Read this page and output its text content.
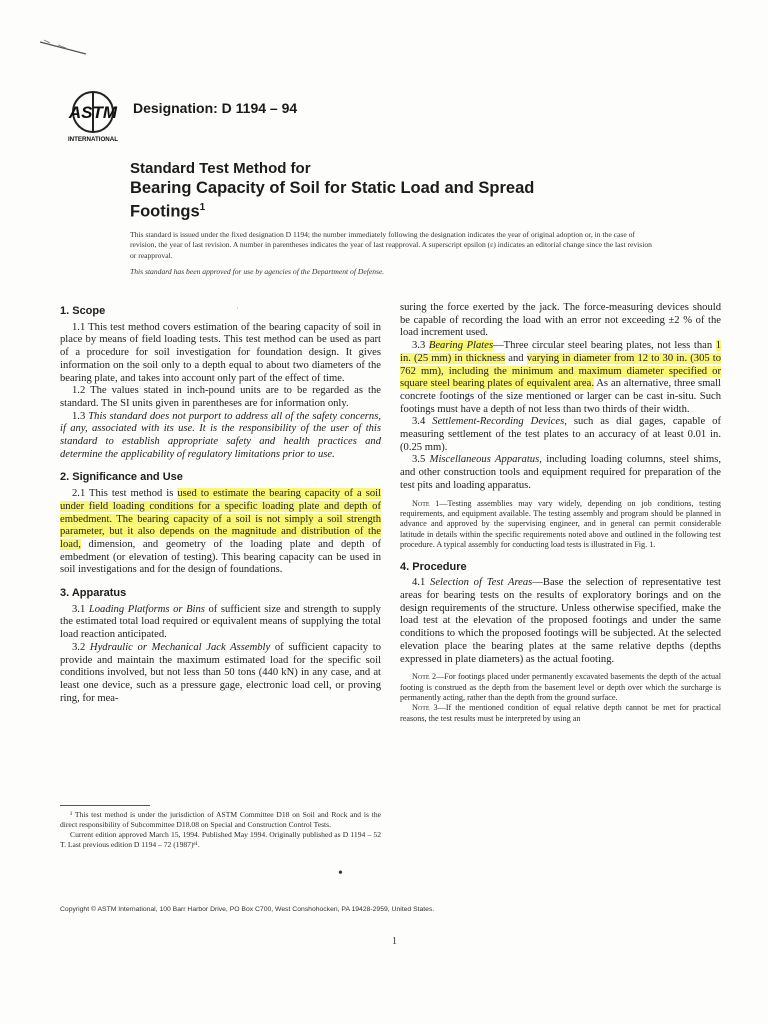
ASTM
INTERNATIONAL
Designation: D 1194 – 94
Standard Test Method for
Bearing Capacity of Soil for Static Load and Spread
Footings$^1$
This standard is issued under the fixed designation D 1194; the number immediately following the designation indicates the year of original adoption or, in the case of revision, the year of last revision. A number in parentheses indicates the year of last reapproval. A superscript epsilon (ε) indicates an editorial change since the last revision or reapproval.
This standard has been approved for use by agencies of the Department of Defense.
˙

1. Scope

1.1 This test method covers estimation of the bearing capacity of soil in place by means of field loading tests. This test method can be used as part of a procedure for soil investigation for foundation design. It gives information on the soil only to a depth equal to about two diameters of the bearing plate, and takes into account only part of the effect of time.

1.2 The values stated in inch-pound units are to be regarded as the standard. The SI units given in parentheses are for information only.

1.3 This standard does not purport to address all of the safety concerns, if any, associated with its use. It is the responsibility of the user of this standard to establish appropriate safety and health practices and determine the applicability of regulatory limitations prior to use.

2. Significance and Use

2.1 This test method is used to estimate the bearing capacity of a soil under field loading conditions for a specific loading plate and depth of embedment. The bearing capacity of a soil is not simply a soil strength parameter, but it also depends on the magnitude and distribution of the load, dimension, and geometry of the loading plate and depth of embedment (or elevation of testing). This bearing capacity can be used in soil investigations and for the design of foundations.

3. Apparatus

3.1 Loading Platforms or Bins of sufficient size and strength to supply the estimated total load required or equivalent means of supplying the total load reaction anticipated.

3.2 Hydraulic or Mechanical Jack Assembly of sufficient capacity to provide and maintain the maximum estimated load for the specific soil conditions involved, but not less than 50 tons (440 kN) in any case, and at least one device, such as a pressure gage, electronic load cell, or proving ring, for mea-

¹ This test method is under the jurisdiction of ASTM Committee D18 on Soil and Rock and is the direct responsibility of Subcommittee D18.08 on Special and Construction Control Tests.

Current edition approved March 15, 1994. Published May 1994. Originally published as D 1194 – 52 T. Last previous edition D 1194 – 72 (1987)ᵉ¹.

•

suring the force exerted by the jack. The force-measuring devices should be capable of recording the load with an error not exceeding ±2 % of the load increment used.

3.3 Bearing Plates—Three circular steel bearing plates, not less than 1 in. (25 mm) in thickness and varying in diameter from 12 to 30 in. (305 to 762 mm), including the minimum and maximum diameter specified or square steel bearing plates of equivalent area. As an alternative, three small concrete footings of the size mentioned or larger can be cast in-situ. Such footings must have a depth of not less than two thirds of their width.

3.4 Settlement-Recording Devices, such as dial gages, capable of measuring settlement of the test plates to an accuracy of at least 0.01 in. (0.25 mm).

3.5 Miscellaneous Apparatus, including loading columns, steel shims, and other construction tools and equipment required for preparation of the test pits and loading apparatus.

Note 1—Testing assemblies may vary widely, depending on job conditions, testing requirements, and equipment available. The testing assembly and program should be planned in advance and approved by the supervising engineer, and in general can permit considerable latitude in details within the specific requirements noted above and outlined in the following test procedure. A typical assembly for conducting load tests is illustrated in Fig. 1.

4. Procedure

4.1 Selection of Test Areas—Base the selection of representative test areas for bearing tests on the results of exploratory borings and on the design requirements of the structure. Unless otherwise specified, make the load test at the elevation of the proposed footings and under the same conditions to which the proposed footings will be subjected. At the selected elevation place the bearing plates at the same relative depths (depths expressed in plate diameters) as the actual footing.

Note 2—For footings placed under permanently excavated basements the depth of the actual footing is construed as the depth from the basement level or depth over which the surcharge is permanently acting, rather than the depth from the ground surface.

Note 3—If the mentioned condition of equal relative depth cannot be met for practical reasons, the test results must be interpreted by using an

Copyright © ASTM International, 100 Barr Harbor Drive, PO Box C700, West Conshohocken, PA 19428-2959, United States.
1
